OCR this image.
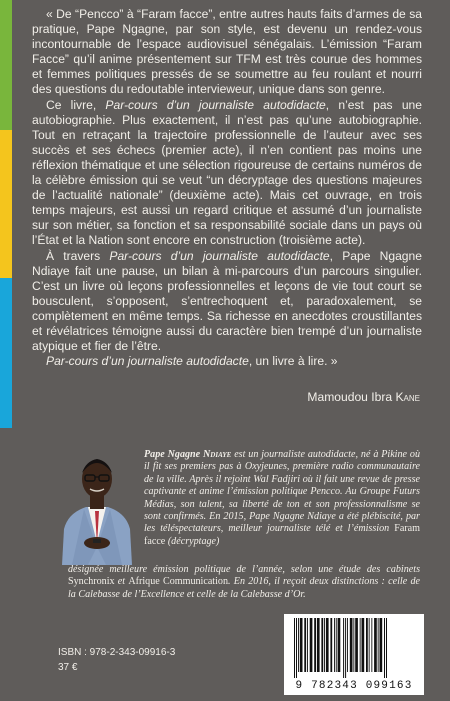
« De “Pencco” à “Faram facce”, entre autres hauts faits d’armes de sa pratique, Pape Ngagne, par son style, est devenu un rendez-vous incontournable de l’espace audiovisuel sénégalais. L’émission “Faram Facce” qu’il anime présentement sur TFM est très courue des hommes et femmes politiques pressés de se soumettre au feu roulant et nourri des questions du redoutable intervieweur, unique dans son genre.

Ce livre, Par-cours d’un journaliste autodidacte, n’est pas une autobiographie. Plus exactement, il n’est pas qu’une autobiographie. Tout en retraçant la trajectoire professionnelle de l’auteur avec ses succès et ses échecs (premier acte), il n’en contient pas moins une réflexion thématique et une sélection rigoureuse de certains numéros de la célèbre émission qui se veut “un décryptage des questions majeures de l’actualité nationale” (deuxième acte). Mais cet ouvrage, en trois temps majeurs, est aussi un regard critique et assumé d’un journaliste sur son métier, sa fonction et sa responsabilité sociale dans un pays où l’État et la Nation sont encore en construction (troisième acte).

À travers Par-cours d’un journaliste autodidacte, Pape Ngagne Ndiaye fait une pause, un bilan à mi-parcours d’un parcours singulier. C’est un livre où leçons professionnelles et leçons de vie tout court se bousculent, s’opposent, s’entrechoquent et, paradoxalement, se complètement en même temps. Sa richesse en anecdotes croustillantes et révélatrices témoigne aussi du caractère bien trempé d’un journaliste atypique et fier de l’être.

Par-cours d’un journaliste autodidacte, un livre à lire. »

Mamoudou Ibra Kane
Pape Ngagne Ndiaye est un journaliste autodidacte, né à Pikine où il fit ses premiers pas à Oxyjeunes, première radio communautaire de la ville. Après il rejoint Wal Fadjiri où il fait une revue de presse captivante et anime l’émission politique Pencco. Au Groupe Futurs Médias, son talent, sa liberté de ton et son professionnalisme se sont confirmés. En 2015, Pape Ngagne Ndiaye a été plébiscité, par les téléspectateurs, meilleur journaliste télé et l’émission Faram facce (décryptage)
désignée meilleure émission politique de l’année, selon une étude des cabinets Synchronix et Afrique Communication. En 2016, il reçoit deux distinctions : celle de la Calebasse de l’Excellence et celle de la Calebasse d’Or.
ISBN : 978-2-343-09916-3
37 €
9 782343 099163
